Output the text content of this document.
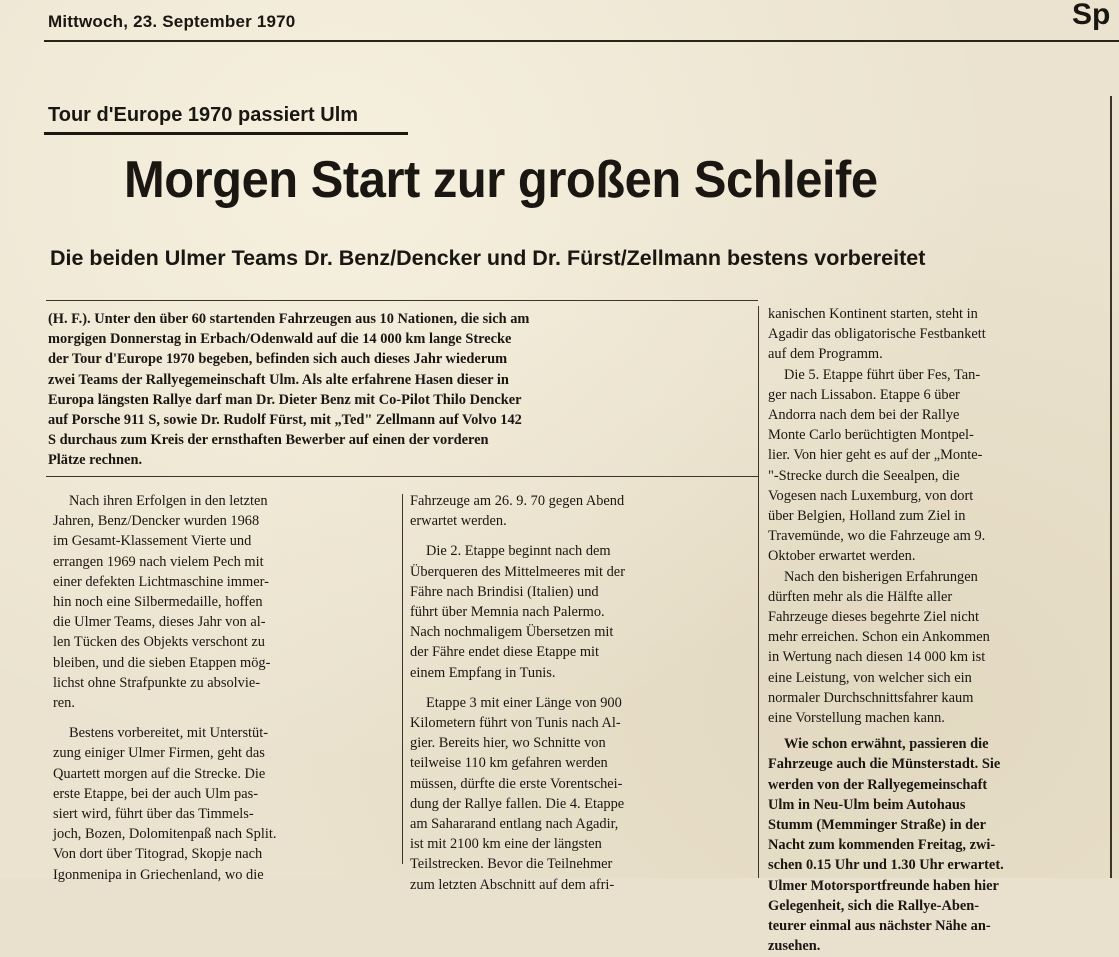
Mittwoch, 23. September 1970	Sp
Tour d'Europe 1970 passiert Ulm
Morgen Start zur großen Schleife
Die beiden Ulmer Teams Dr. Benz/Dencker und Dr. Fürst/Zellmann bestens vorbereitet
(H. F.). Unter den über 60 startenden Fahrzeugen aus 10 Nationen, die sich am
morgigen Donnerstag in Erbach/Odenwald auf die 14 000 km lange Strecke
der Tour d'Europe 1970 begeben, befinden sich auch dieses Jahr wiederum
zwei Teams der Rallyegemeinschaft Ulm. Als alte erfahrene Hasen dieser in
Europa längsten Rallye darf man Dr. Dieter Benz mit Co-Pilot Thilo Dencker
auf Porsche 911 S, sowie Dr. Rudolf Fürst, mit „Ted" Zellmann auf Volvo 142
S durchaus zum Kreis der ernsthaften Bewerber auf einen der vorderen
Plätze rechnen.
Nach ihren Erfolgen in den letzten
Jahren, Benz/Dencker wurden 1968
im Gesamt-Klassement Vierte und
errangen 1969 nach vielem Pech mit
einer defekten Lichtmaschine immer-
hin noch eine Silbermedaille, hoffen
die Ulmer Teams, dieses Jahr von al-
len Tücken des Objekts verschont zu
bleiben, und die sieben Etappen mög-
lichst ohne Strafpunkte zu absolvie-
ren.
Bestens vorbereitet, mit Unterstüt-
zung einiger Ulmer Firmen, geht das
Quartett morgen auf die Strecke. Die
erste Etappe, bei der auch Ulm pas-
siert wird, führt über das Timmels-
joch, Bozen, Dolomitenpaß nach Split.
Von dort über Titograd, Skopje nach
Igonmenipa in Griechenland, wo die
Fahrzeuge am 26. 9. 70 gegen Abend
erwartet werden.
Die 2. Etappe beginnt nach dem
Überqueren des Mittelmeeres mit der
Fähre nach Brindisi (Italien) und
führt über Memnia nach Palermo.
Nach nochmaligem Übersetzen mit
der Fähre endet diese Etappe mit
einem Empfang in Tunis.
Etappe 3 mit einer Länge von 900
Kilometern führt von Tunis nach Al-
gier. Bereits hier, wo Schnitte von
teilweise 110 km gefahren werden
müssen, dürfte die erste Vorentschei-
dung der Rallye fallen. Die 4. Etappe
am Sahararand entlang nach Agadir,
ist mit 2100 km eine der längsten
Teilstrecken. Bevor die Teilnehmer
zum letzten Abschnitt auf dem afri-
kanischen Kontinent starten, steht in
Agadir das obligatorische Festbankett
auf dem Programm.
Die 5. Etappe führt über Fes, Tan-
ger nach Lissabon. Etappe 6 über
Andorra nach dem bei der Rallye
Monte Carlo berüchtigten Montpel-
lier. Von hier geht es auf der „Monte-
"-Strecke durch die Seealpen, die
Vogesen nach Luxemburg, von dort
über Belgien, Holland zum Ziel in
Travemünde, wo die Fahrzeuge am 9.
Oktober erwartet werden.
Nach den bisherigen Erfahrungen
dürften mehr als die Hälfte aller
Fahrzeuge dieses begehrte Ziel nicht
mehr erreichen. Schon ein Ankommen
in Wertung nach diesen 14 000 km ist
eine Leistung, von welcher sich ein
normaler Durchschnittsfahrer kaum
eine Vorstellung machen kann.
Wie schon erwähnt, passieren die
Fahrzeuge auch die Münsterstadt. Sie
werden von der Rallyegemeinschaft
Ulm in Neu-Ulm beim Autohaus
Stumm (Memminger Straße) in der
Nacht zum kommenden Freitag, zwi-
schen 0.15 Uhr und 1.30 Uhr erwartet.
Ulmer Motorsportfreunde haben hier
Gelegenheit, sich die Rallye-Aben-
teurer einmal aus nächster Nähe an-
zusehen.
